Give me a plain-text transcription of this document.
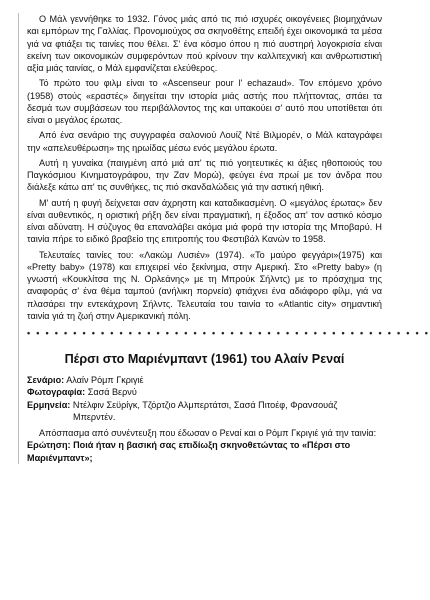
Ο Μάλ γεννήθηκε το 1932. Γόνος μιάς από τις πιό ισχυρές οικογένειες βιομηχάνων και εμπόρων της Γαλλίας. Προνομιούχος σα σκηνοθέτης επειδή έχει οικονομικά τα μέσα γιά να φτιάξει τις ταινίες που θέλει. Σ' ένα κόσμο όπου η πιό αυστηρή λογοκρισία είναι εκείνη των οικονομικών συμφερόντων πού κρίνουν την καλλιτεχνική και ανθρωπιστική αξία μιάς ταινίας, ο Μάλ εμφανίζεται ελεύθερος.

Τό πρώτο του φιλμ είναι το «Ascenseur pour l' echazaud». Τον επόμενο χρόνο (1958) στούς «εραστές» διηγείται την ιστορία μιάς αστής που πλήττοντας, σπάει τα δεσμά των συμβάσεων του περιβάλλοντος της και υπακούει σ' αυτό που υποτίθεται ότι είναι ο μεγάλος έρωτας.

Από ένα σενάριο της συγγραφέα σαλονιού Λουίζ Ντέ Βιλμορέν, ο Μάλ καταγράφει την «απελευθέρωση» της ηρωίδας μέσω ενός μεγάλου έρωτα.

Αυτή η γυναίκα (παιγμένη από μιά απ' τις πιό γοητευτικές κι άξιες ηθοποιούς του Παγκόσμιου Κινηματογράφου, την Ζαν Μορώ), φεύγει ένα πρωί με τον άνδρα που διάλεξε κάτω απ' τις συνθήκες, τις πιό σκανδαλώδεις γιά την αστική ηθική.

Μ' αυτή η φυγή δείχνεται σαν άχρηστη και καταδικασμένη. Ο «μεγάλος έρωτας» δεν είναι αυθεντικός, η οριστική ρήξη δεν είναι πραγματική, η έξοδος απ' τον αστικό κόσμο είναι αδύνατη. Η σύζυγος θα επαναλάβει ακόμα μιά φορά την ιστορία της Μποβαρύ. Η ταινία πήρε το ειδικό βραβείο της επιτροπής του Φεστιβάλ Κανών το 1958.

Τελευταίες ταινίες του: «Λακώμ Λυσιέν» (1974). «Το μαύρο φεγγάρι»(1975) και «Pretty baby» (1978) και επιχειρεί νέο ξεκίνημα, στην Αμερική. Στο «Pretty baby» (η γνωστή «Κουκλίτσα της Ν. Ορλεάνης» με τη Μπρούκ Σήλντς) με το πρόσχημα της αναφοράς σ' ένα θέμα ταμπού (ανήλικη πορνεία) φτιάχνει ένα αδιάφορο φίλμ, γιά να πλασάρει την εντεκάχρονη Σήλντς. Τελευταία του ταινία το «Atlantic city» σημαντική ταινία γιά τη ζωή στην Αμερικανική πόλη.

• • • • • • • • • • • • • • • • • • • • • • • • • • • • • • • • • • • • • • • • • • • •
Πέρσι στο Μαριένμπαντ (1961) του Αλαίν Ρεναί

Σενάριο: Αλαίν Ρόμπ Γκριγιέ

Φωτογραφία: Σασά Βερνύ

Ερμηνεία: Ντέλφιν Σεϋρίγκ, Τζόρτζιο Αλμπερτάτσι, Σασά Πιτοέφ, Φρανσουάζ Μπερντέν.

Απόσπασμα από συνέντευξη που έδωσαν ο Ρεναί και ο Ρόμπ Γκριγιέ γιά την ταινία:

Ερώτηση: Ποιά ήταν η βασική σας επιδίωξη σκηνοθετώντας το «Πέρσι στο Μαριένμπαντ»;
